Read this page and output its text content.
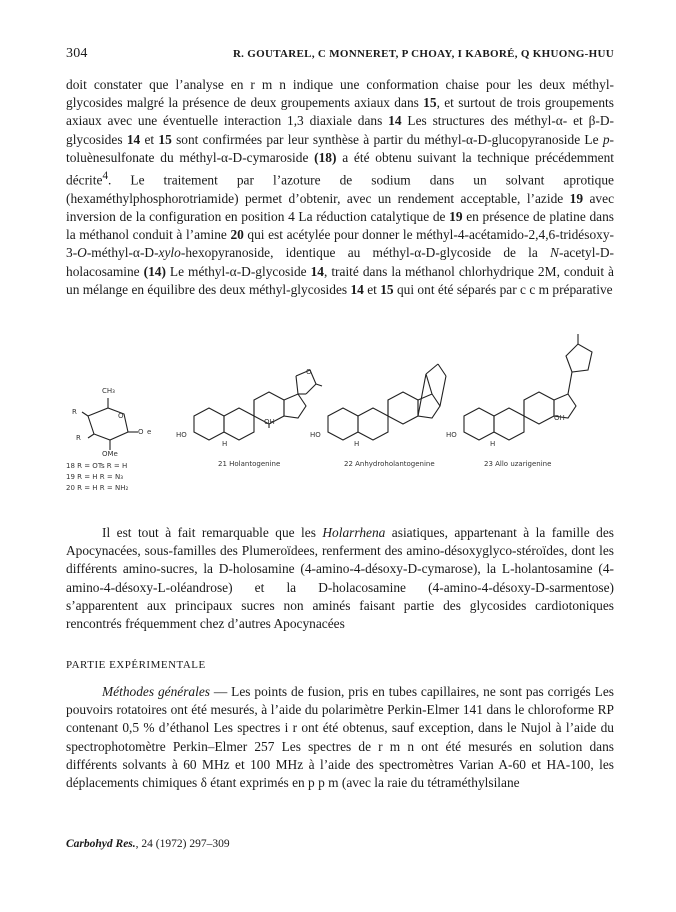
304	R. GOUTAREL, C MONNERET, P CHOAY, I KABORÉ, Q KHUONG-HUU

doit constater que l’analyse en r m n indique une conformation chaise pour les deux méthyl-glycosides malgré la présence de deux groupements axiaux dans 15, et surtout de trois groupements axiaux avec une éventuelle interaction 1,3 diaxiale dans 14 Les structures des méthyl-α- et β-D-glycosides 14 et 15 sont confirmées par leur synthèse à partir du méthyl-α-D-glucopyranoside Le p-toluènesulfonate du méthyl-α-D-cymaroside (18) a été obtenu suivant la technique précédemment décrite$^4$. Le traitement par l’azoture de sodium dans un solvant aprotique (hexaméthylphosphorotriamide) permet d’obtenir, avec un rendement acceptable, l’azide 19 avec inversion de la configuration en position 4 La réduction catalytique de 19 en présence de platine dans la méthanol conduit à l’amine 20 qui est acétylée pour donner le méthyl-4-acétamido-2,4,6-tridésoxy-3-O-méthyl-α-D-xylo-hexopyranoside, identique au méthyl-α-D-glycoside de la N-acetyl-D-holacosamine (14) Le méthyl-α-D-glycoside 14, traité dans la méthanol chlorhydrique 2M, conduit à un mélange en équilibre des deux méthyl-glycosides 14 et 15 qui ont été séparés par c c m préparative

CH₃
R
R
O
O e
OMe
18 R = OTs R = H
19 R = H R = N₃
20 R = H R = NH₂
HO
OH
O
H
21 Holantogenine
HO
H
22 Anhydroholantogenine
HO
OH
H
23 Allo uzarigenine

Il est tout à fait remarquable que les Holarrhena asiatiques, appartenant à la famille des Apocynacées, sous-familles des Plumeroïdees, renferment des amino-désoxyglyco-stéroïdes, dont les différents amino-sucres, la D-holosamine (4-amino-4-désoxy-D-cymarose), la L-holantosamine (4-amino-4-désoxy-L-oléandrose) et la D-holacosamine (4-amino-4-désoxy-D-sarmentose) s’apparentent aux principaux sucres non aminés faisant partie des glycosides cardiotoniques rencontrés fréquemment chez d’autres Apocynacées

PARTIE EXPÉRIMENTALE

Méthodes générales — Les points de fusion, pris en tubes capillaires, ne sont pas corrigés Les pouvoirs rotatoires ont été mesurés, à l’aide du polarimètre Perkin-Elmer 141 dans le chloroforme RP contenant 0,5 % d’éthanol Les spectres i r ont été obtenus, sauf exception, dans le Nujol à l’aide du spectrophotomètre Perkin–Elmer 257 Les spectres de r m n ont été mesurés en solution dans différents solvants à 60 MHz et 100 MHz à l’aide des spectromètres Varian A-60 et HA-100, les déplacements chimiques δ étant exprimés en p p m (avec la raie du tétraméthylsilane

Carbohyd Res., 24 (1972) 297–309
